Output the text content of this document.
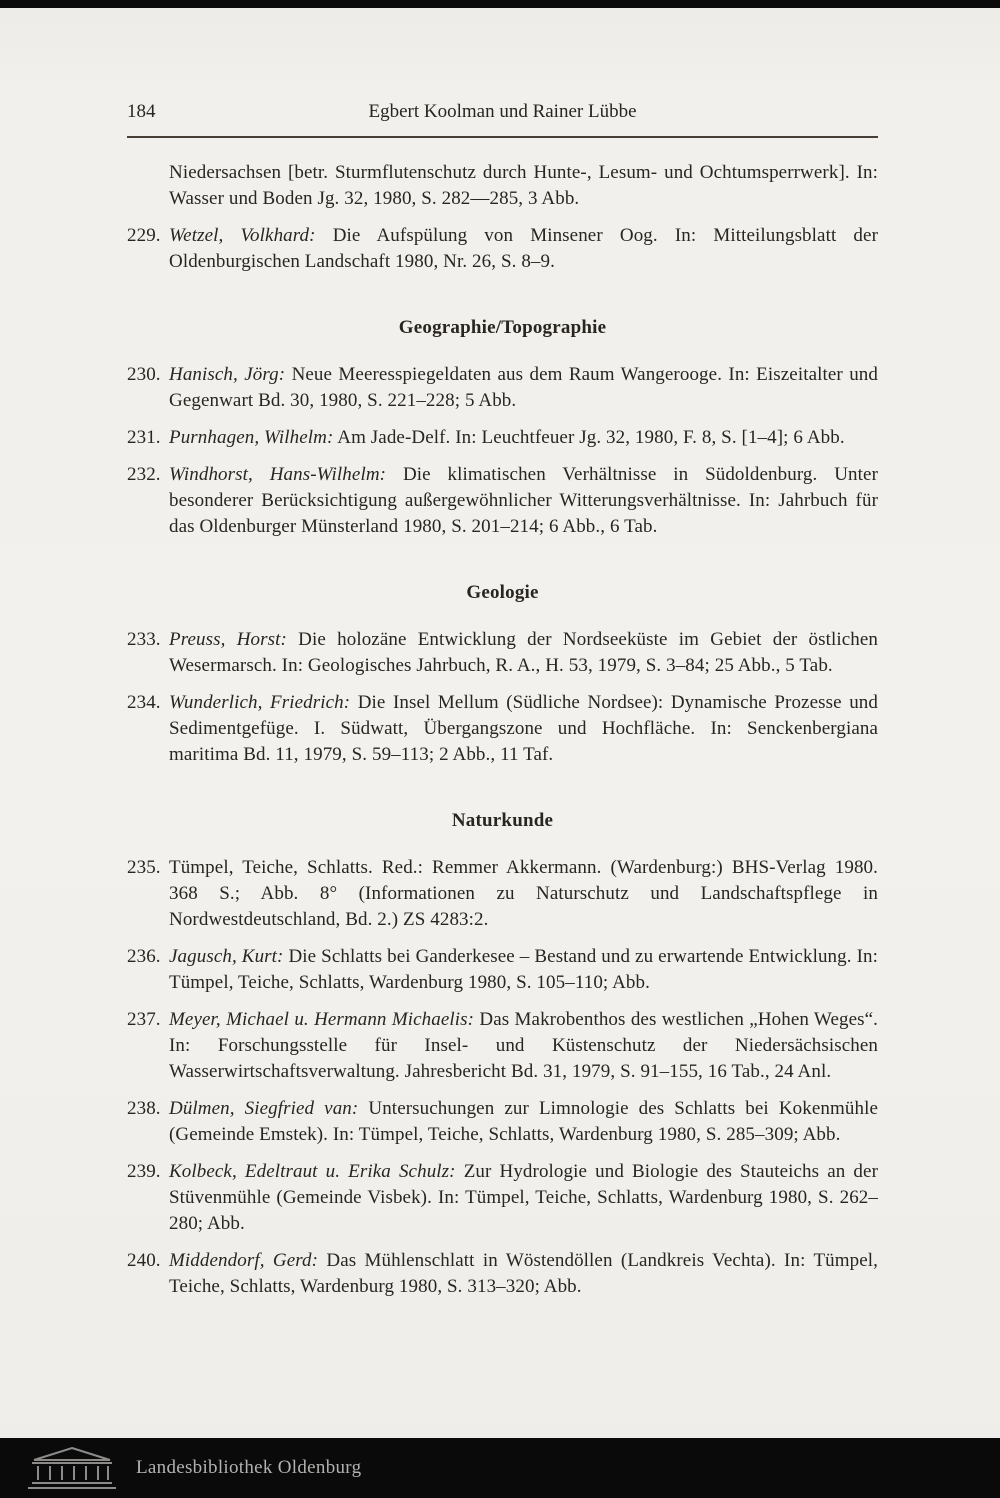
184	Egbert Koolman und Rainer Lübbe

Niedersachsen [betr. Sturmflutenschutz durch Hunte-, Lesum- und Ochtumsperrwerk]. In: Wasser und Boden Jg. 32, 1980, S. 282—285, 3 Abb.

229. Wetzel, Volkhard: Die Aufspülung von Minsener Oog. In: Mitteilungsblatt der Oldenburgischen Landschaft 1980, Nr. 26, S. 8–9.

Geographie/Topographie

230. Hanisch, Jörg: Neue Meeresspiegeldaten aus dem Raum Wangerooge. In: Eiszeitalter und Gegenwart Bd. 30, 1980, S. 221–228; 5 Abb.

231. Purnhagen, Wilhelm: Am Jade-Delf. In: Leuchtfeuer Jg. 32, 1980, F. 8, S. [1–4]; 6 Abb.

232. Windhorst, Hans-Wilhelm: Die klimatischen Verhältnisse in Südoldenburg. Unter besonderer Berücksichtigung außergewöhnlicher Witterungsverhältnisse. In: Jahrbuch für das Oldenburger Münsterland 1980, S. 201–214; 6 Abb., 6 Tab.

Geologie

233. Preuss, Horst: Die holozäne Entwicklung der Nordseeküste im Gebiet der östlichen Wesermarsch. In: Geologisches Jahrbuch, R. A., H. 53, 1979, S. 3–84; 25 Abb., 5 Tab.

234. Wunderlich, Friedrich: Die Insel Mellum (Südliche Nordsee): Dynamische Prozesse und Sedimentgefüge. I. Südwatt, Übergangszone und Hochfläche. In: Senckenbergiana maritima Bd. 11, 1979, S. 59–113; 2 Abb., 11 Taf.

Naturkunde

235. Tümpel, Teiche, Schlatts. Red.: Remmer Akkermann. (Wardenburg:) BHS-Verlag 1980. 368 S.; Abb. 8° (Informationen zu Naturschutz und Landschaftspflege in Nordwestdeutschland, Bd. 2.) ZS 4283:2.

236. Jagusch, Kurt: Die Schlatts bei Ganderkesee – Bestand und zu erwartende Entwicklung. In: Tümpel, Teiche, Schlatts, Wardenburg 1980, S. 105–110; Abb.

237. Meyer, Michael u. Hermann Michaelis: Das Makrobenthos des westlichen „Hohen Weges“. In: Forschungsstelle für Insel- und Küstenschutz der Niedersächsischen Wasserwirtschaftsverwaltung. Jahresbericht Bd. 31, 1979, S. 91–155, 16 Tab., 24 Anl.

238. Dülmen, Siegfried van: Untersuchungen zur Limnologie des Schlatts bei Kokenmühle (Gemeinde Emstek). In: Tümpel, Teiche, Schlatts, Wardenburg 1980, S. 285–309; Abb.

239. Kolbeck, Edeltraut u. Erika Schulz: Zur Hydrologie und Biologie des Stauteichs an der Stüvenmühle (Gemeinde Visbek). In: Tümpel, Teiche, Schlatts, Wardenburg 1980, S. 262–280; Abb.

240. Middendorf, Gerd: Das Mühlenschlatt in Wöstendöllen (Landkreis Vechta). In: Tümpel, Teiche, Schlatts, Wardenburg 1980, S. 313–320; Abb.

Landesbibliothek Oldenburg
